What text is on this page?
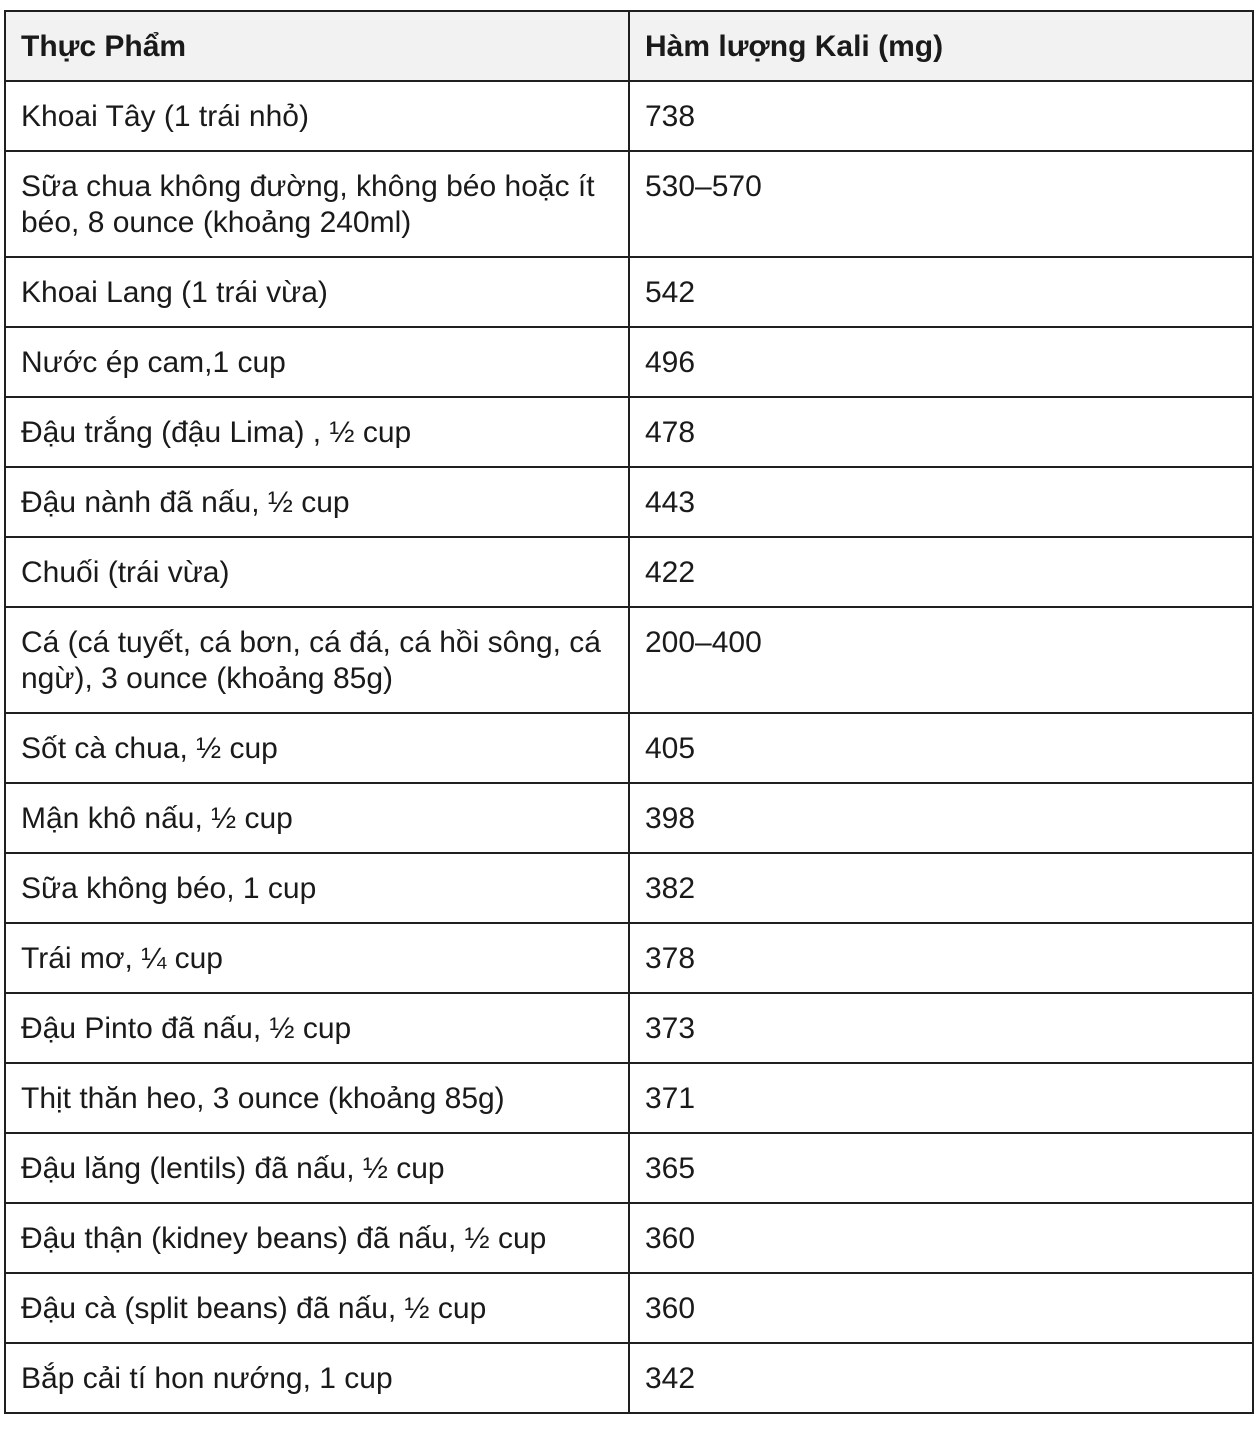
Thực Phẩm	Hàm lượng Kali (mg)
Khoai Tây (1 trái nhỏ)	738
Sữa chua không đường, không béo hoặc ít béo, 8 ounce (khoảng 240ml)	530–570
Khoai Lang (1 trái vừa)	542
Nước ép cam,1 cup	496
Đậu trắng (đậu Lima) , ½ cup	478
Đậu nành đã nấu, ½ cup	443
Chuối (trái vừa)	422
Cá (cá tuyết, cá bơn, cá đá, cá hồi sông, cá ngừ), 3 ounce (khoảng 85g)	200–400
Sốt cà chua, ½ cup	405
Mận khô nấu, ½ cup	398
Sữa không béo, 1 cup	382
Trái mơ, ¼ cup	378
Đậu Pinto đã nấu, ½ cup	373
Thịt thăn heo, 3 ounce (khoảng 85g)	371
Đậu lăng (lentils) đã nấu, ½ cup	365
Đậu thận (kidney beans) đã nấu, ½ cup	360
Đậu cà (split beans) đã nấu, ½ cup	360
Bắp cải tí hon nướng, 1 cup	342
